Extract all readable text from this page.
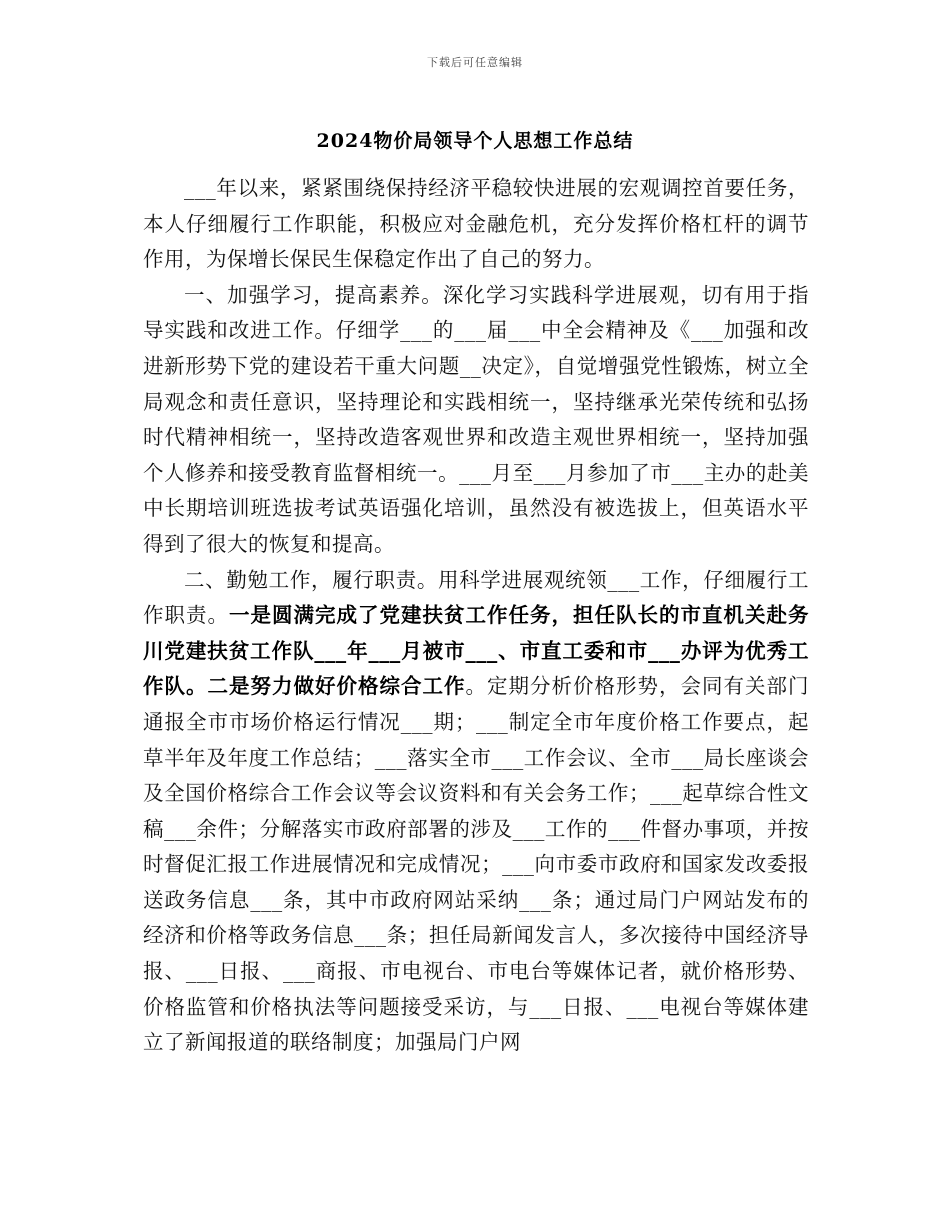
下载后可任意编辑
2024物价局领导个人思想工作总结

___年以来，紧紧围绕保持经济平稳较快进展的宏观调控首要任务，本人仔细履行工作职能，积极应对金融危机，充分发挥价格杠杆的调节作用，为保增长保民生保稳定作出了自己的努力。

一、加强学习，提高素养。深化学习实践科学进展观，切有用于指导实践和改进工作。仔细学___的___届___中全会精神及《___加强和改进新形势下党的建设若干重大问题__决定》，自觉增强党性锻炼，树立全局观念和责任意识，坚持理论和实践相统一，坚持继承光荣传统和弘扬时代精神相统一，坚持改造客观世界和改造主观世界相统一，坚持加强个人修养和接受教育监督相统一。___月至___月参加了市___主办的赴美中长期培训班选拔考试英语强化培训，虽然没有被选拔上，但英语水平得到了很大的恢复和提高。

二、勤勉工作，履行职责。用科学进展观统领___工作，仔细履行工作职责。一是圆满完成了党建扶贫工作任务，担任队长的市直机关赴务川党建扶贫工作队___年___月被市___、市直工委和市___办评为优秀工作队。二是努力做好价格综合工作。定期分析价格形势，会同有关部门通报全市市场价格运行情况___期；___制定全市年度价格工作要点，起草半年及年度工作总结；___落实全市___工作会议、全市___局长座谈会及全国价格综合工作会议等会议资料和有关会务工作；___起草综合性文稿___余件；分解落实市政府部署的涉及___工作的___件督办事项，并按时督促汇报工作进展情况和完成情况；___向市委市政府和国家发改委报送政务信息___条，其中市政府网站采纳___条；通过局门户网站发布的经济和价格等政务信息___条；担任局新闻发言人，多次接待中国经济导报、___日报、___商报、市电视台、市电台等媒体记者，就价格形势、价格监管和价格执法等问题接受采访，与___日报、___电视台等媒体建立了新闻报道的联络制度；加强局门户网
